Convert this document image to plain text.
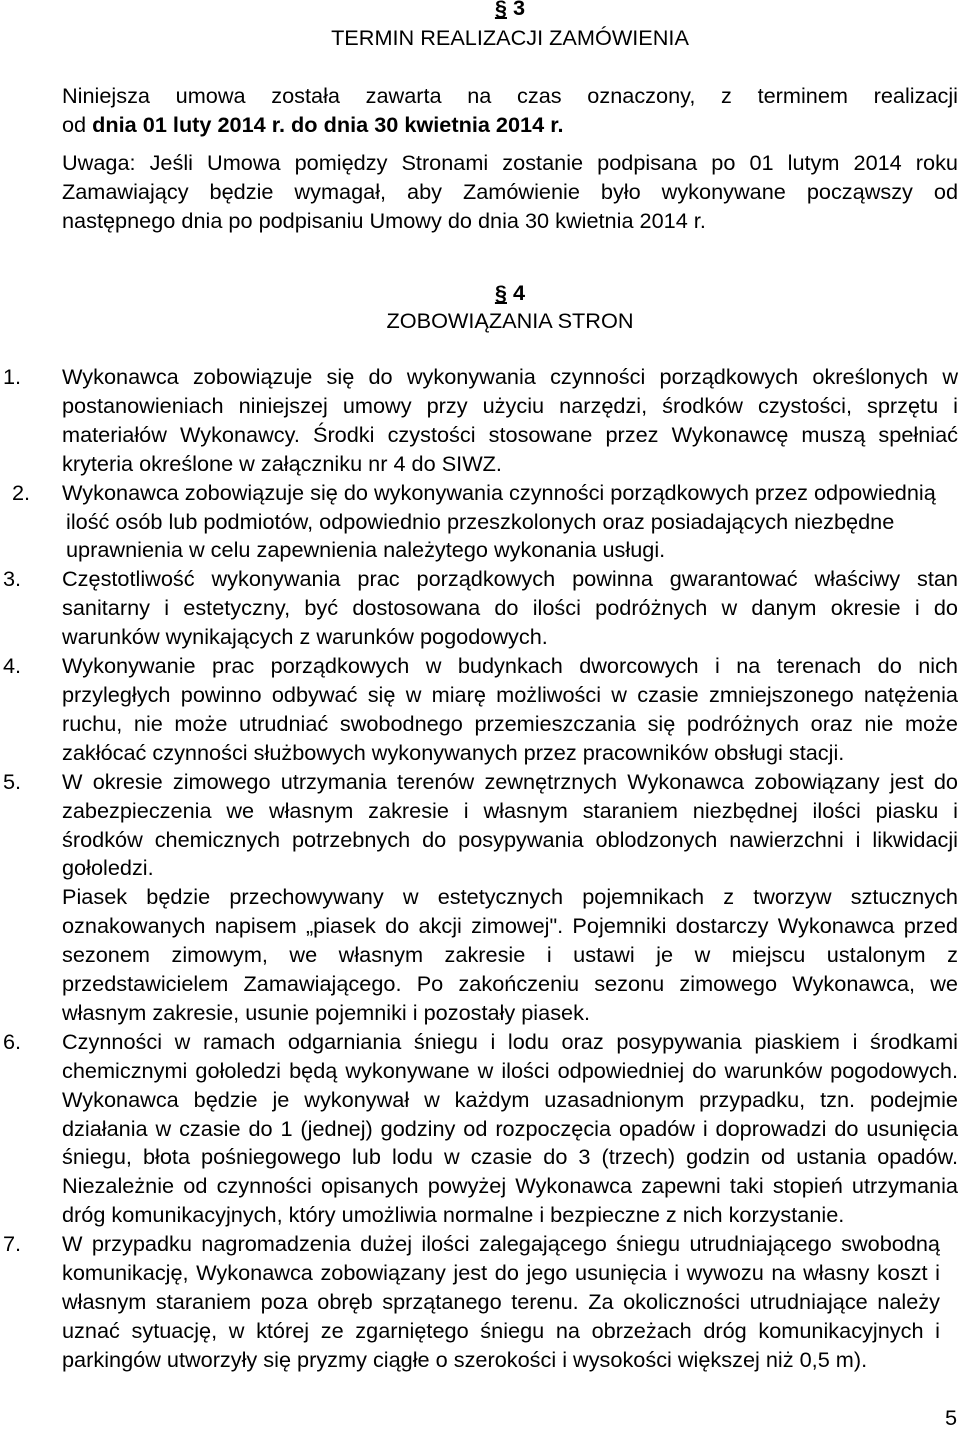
§ 3
TERMIN REALIZACJI ZAMÓWIENIA
Niniejsza umowa została zawarta na czas oznaczony, z terminem realizacji
od dnia 01 luty 2014 r. do dnia 30 kwietnia 2014 r.
Uwaga: Jeśli Umowa pomiędzy Stronami zostanie podpisana po 01 lutym 2014 roku
Zamawiający będzie wymagał, aby Zamówienie było wykonywane począwszy od
następnego dnia po podpisaniu Umowy do dnia 30 kwietnia 2014 r.
§ 4
ZOBOWIĄZANIA STRON
1. Wykonawca zobowiązuje się do wykonywania czynności porządkowych określonych w
postanowieniach niniejszej umowy przy użyciu narzędzi, środków czystości, sprzętu i
materiałów Wykonawcy. Środki czystości stosowane przez Wykonawcę muszą spełniać
kryteria określone w załączniku nr 4 do SIWZ.
2. Wykonawca zobowiązuje się do wykonywania czynności porządkowych przez odpowiednią
ilość osób lub podmiotów, odpowiednio przeszkolonych oraz posiadających niezbędne
uprawnienia w celu zapewnienia należytego wykonania usługi.
3. Częstotliwość wykonywania prac porządkowych powinna gwarantować właściwy stan
sanitarny i estetyczny, być dostosowana do ilości podróżnych w danym okresie i do
warunków wynikających z warunków pogodowych.
4. Wykonywanie prac porządkowych w budynkach dworcowych i na terenach do nich
przyległych powinno odbywać się w miarę możliwości w czasie zmniejszonego natężenia
ruchu, nie może utrudniać swobodnego przemieszczania się podróżnych oraz nie może
zakłócać czynności służbowych wykonywanych przez pracowników obsługi stacji.
5. W okresie zimowego utrzymania terenów zewnętrznych Wykonawca zobowiązany jest do
zabezpieczenia we własnym zakresie i własnym staraniem niezbędnej ilości piasku i
środków chemicznych potrzebnych do posypywania oblodzonych nawierzchni i likwidacji
gołoledzi.
Piasek będzie przechowywany w estetycznych pojemnikach z tworzyw sztucznych
oznakowanych napisem „piasek do akcji zimowej". Pojemniki dostarczy Wykonawca przed
sezonem zimowym, we własnym zakresie i ustawi je w miejscu ustalonym z
przedstawicielem Zamawiającego. Po zakończeniu sezonu zimowego Wykonawca, we
własnym zakresie, usunie pojemniki i pozostały piasek.
6. Czynności w ramach odgarniania śniegu i lodu oraz posypywania piaskiem i środkami
chemicznymi gołoledzi będą wykonywane w ilości odpowiedniej do warunków pogodowych.
Wykonawca będzie je wykonywał w każdym uzasadnionym przypadku, tzn. podejmie
działania w czasie do 1 (jednej) godziny od rozpoczęcia opadów i doprowadzi do usunięcia
śniegu, błota pośniegowego lub lodu w czasie do 3 (trzech) godzin od ustania opadów.
Niezależnie od czynności opisanych powyżej Wykonawca zapewni taki stopień utrzymania
dróg komunikacyjnych, który umożliwia normalne i bezpieczne z nich korzystanie.
7. W przypadku nagromadzenia dużej ilości zalegającego śniegu utrudniającego swobodną
komunikację, Wykonawca zobowiązany jest do jego usunięcia i wywozu na własny koszt i
własnym staraniem poza obręb sprzątanego terenu. Za okoliczności utrudniające należy
uznać sytuację, w której ze zgarniętego śniegu na obrzeżach dróg komunikacyjnych i
parkingów utworzyły się pryzmy ciągłe o szerokości i wysokości większej niż 0,5 m).
5
